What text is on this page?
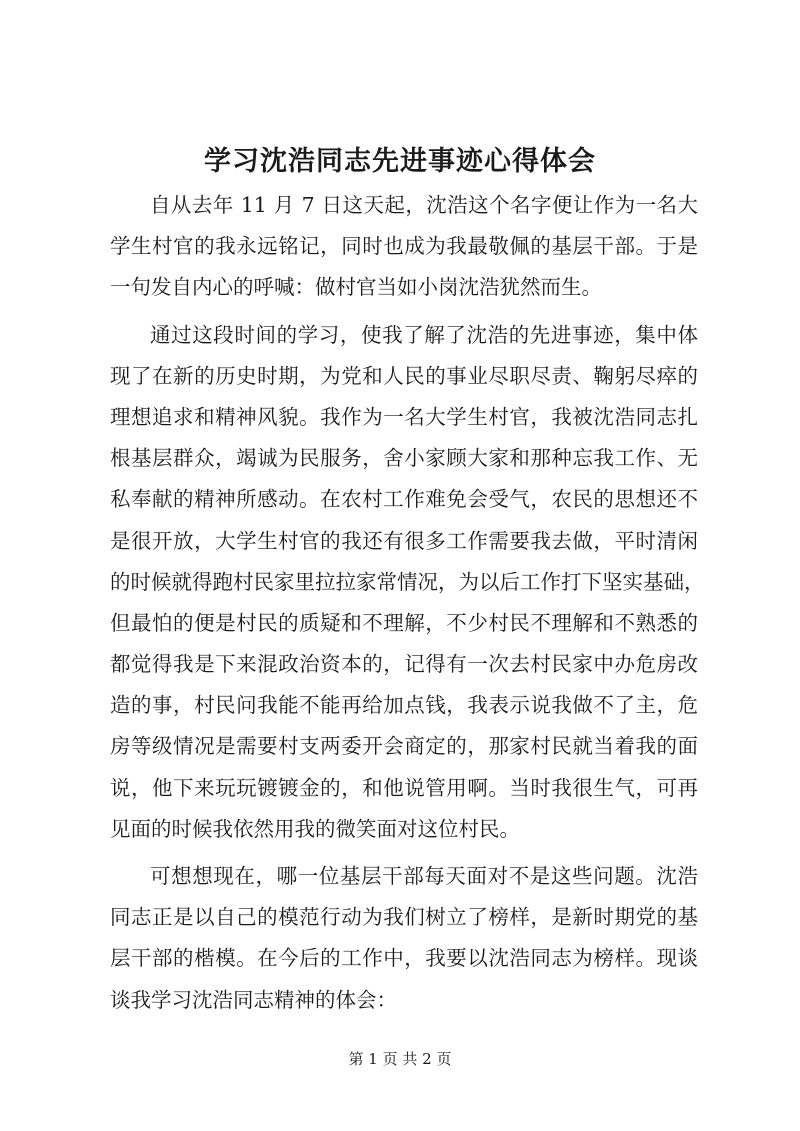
学习沈浩同志先进事迹心得体会
自从去年 11 月 7 日这天起，沈浩这个名字便让作为一名大
学生村官的我永远铭记，同时也成为我最敬佩的基层干部。于是
一句发自内心的呼喊：做村官当如小岗沈浩犹然而生。
通过这段时间的学习，使我了解了沈浩的先进事迹，集中体
现了在新的历史时期，为党和人民的事业尽职尽责、鞠躬尽瘁的
理想追求和精神风貌。我作为一名大学生村官，我被沈浩同志扎
根基层群众，竭诚为民服务，舍小家顾大家和那种忘我工作、无
私奉献的精神所感动。在农村工作难免会受气，农民的思想还不
是很开放，大学生村官的我还有很多工作需要我去做，平时清闲
的时候就得跑村民家里拉拉家常情况，为以后工作打下坚实基础，
但最怕的便是村民的质疑和不理解，不少村民不理解和不熟悉的
都觉得我是下来混政治资本的，记得有一次去村民家中办危房改
造的事，村民问我能不能再给加点钱，我表示说我做不了主，危
房等级情况是需要村支两委开会商定的，那家村民就当着我的面
说，他下来玩玩镀镀金的，和他说管用啊。当时我很生气，可再
见面的时候我依然用我的微笑面对这位村民。
可想想现在，哪一位基层干部每天面对不是这些问题。沈浩
同志正是以自己的模范行动为我们树立了榜样，是新时期党的基
层干部的楷模。在今后的工作中，我要以沈浩同志为榜样。现谈
谈我学习沈浩同志精神的体会：
第 1 页 共 2 页
